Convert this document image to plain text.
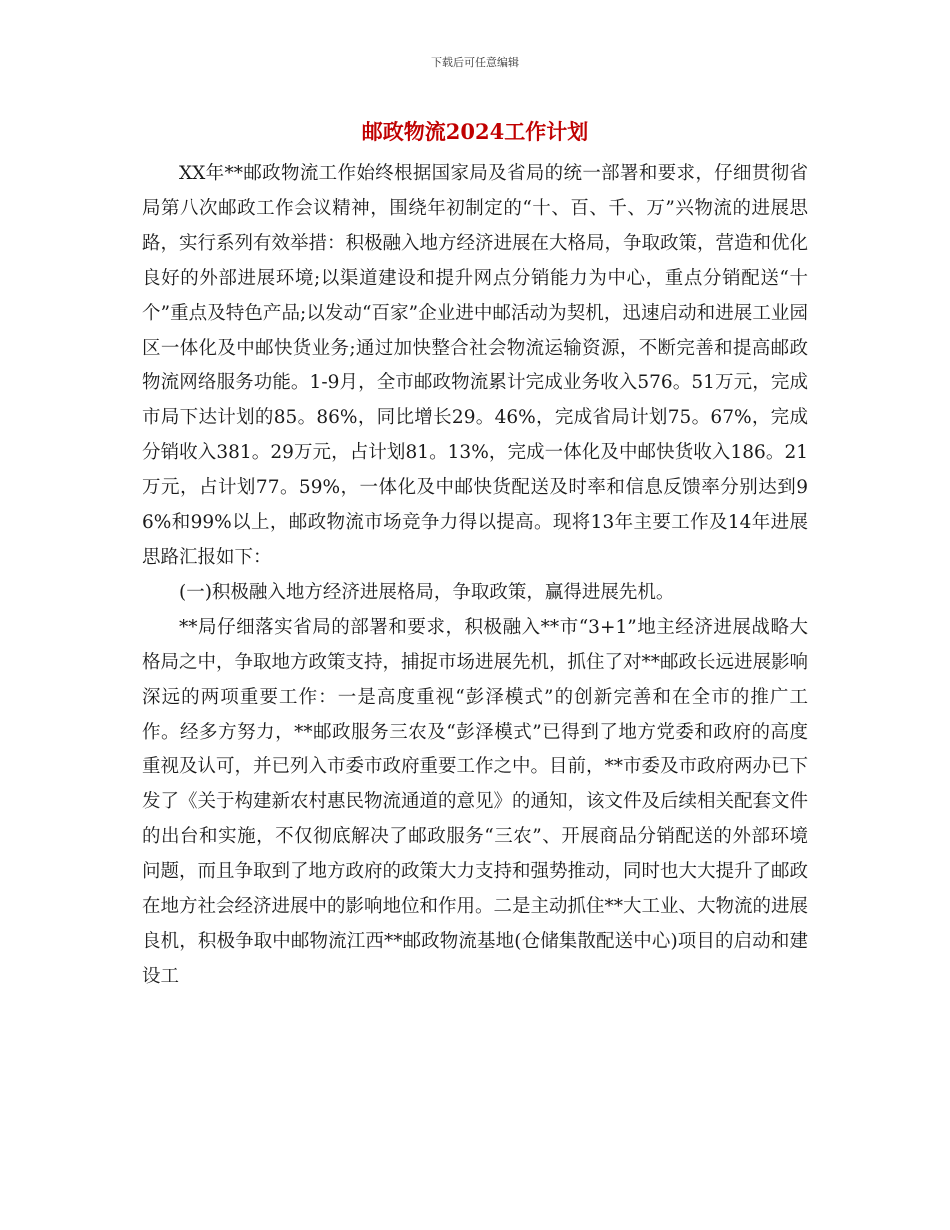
下载后可任意编辑
邮政物流2024工作计划

XX年**邮政物流工作始终根据国家局及省局的统一部署和要求，仔细贯彻省局第八次邮政工作会议精神，围绕年初制定的“十、百、千、万”兴物流的进展思路，实行系列有效举措：积极融入地方经济进展在大格局，争取政策，营造和优化良好的外部进展环境;以渠道建设和提升网点分销能力为中心，重点分销配送“十个”重点及特色产品;以发动“百家”企业进中邮活动为契机，迅速启动和进展工业园区一体化及中邮快货业务;通过加快整合社会物流运输资源，不断完善和提高邮政物流网络服务功能。1-9月，全市邮政物流累计完成业务收入576。51万元，完成市局下达计划的85。86%，同比增长29。46%，完成省局计划75。67%，完成分销收入381。29万元，占计划81。13%，完成一体化及中邮快货收入186。21万元，占计划77。59%，一体化及中邮快货配送及时率和信息反馈率分别达到96%和99%以上，邮政物流市场竞争力得以提高。现将13年主要工作及14年进展思路汇报如下：

(一)积极融入地方经济进展格局，争取政策，赢得进展先机。

**局仔细落实省局的部署和要求，积极融入**市“3+1”地主经济进展战略大格局之中，争取地方政策支持，捕捉市场进展先机，抓住了对**邮政长远进展影响深远的两项重要工作：一是高度重视“彭泽模式”的创新完善和在全市的推广工作。经多方努力，**邮政服务三农及“彭泽模式”已得到了地方党委和政府的高度重视及认可，并已列入市委市政府重要工作之中。目前，**市委及市政府两办已下发了《关于构建新农村惠民物流通道的意见》的通知，该文件及后续相关配套文件的出台和实施，不仅彻底解决了邮政服务“三农”、开展商品分销配送的外部环境问题，而且争取到了地方政府的政策大力支持和强势推动，同时也大大提升了邮政在地方社会经济进展中的影响地位和作用。二是主动抓住**大工业、大物流的进展良机，积极争取中邮物流江西**邮政物流基地(仓储集散配送中心)项目的启动和建设工
